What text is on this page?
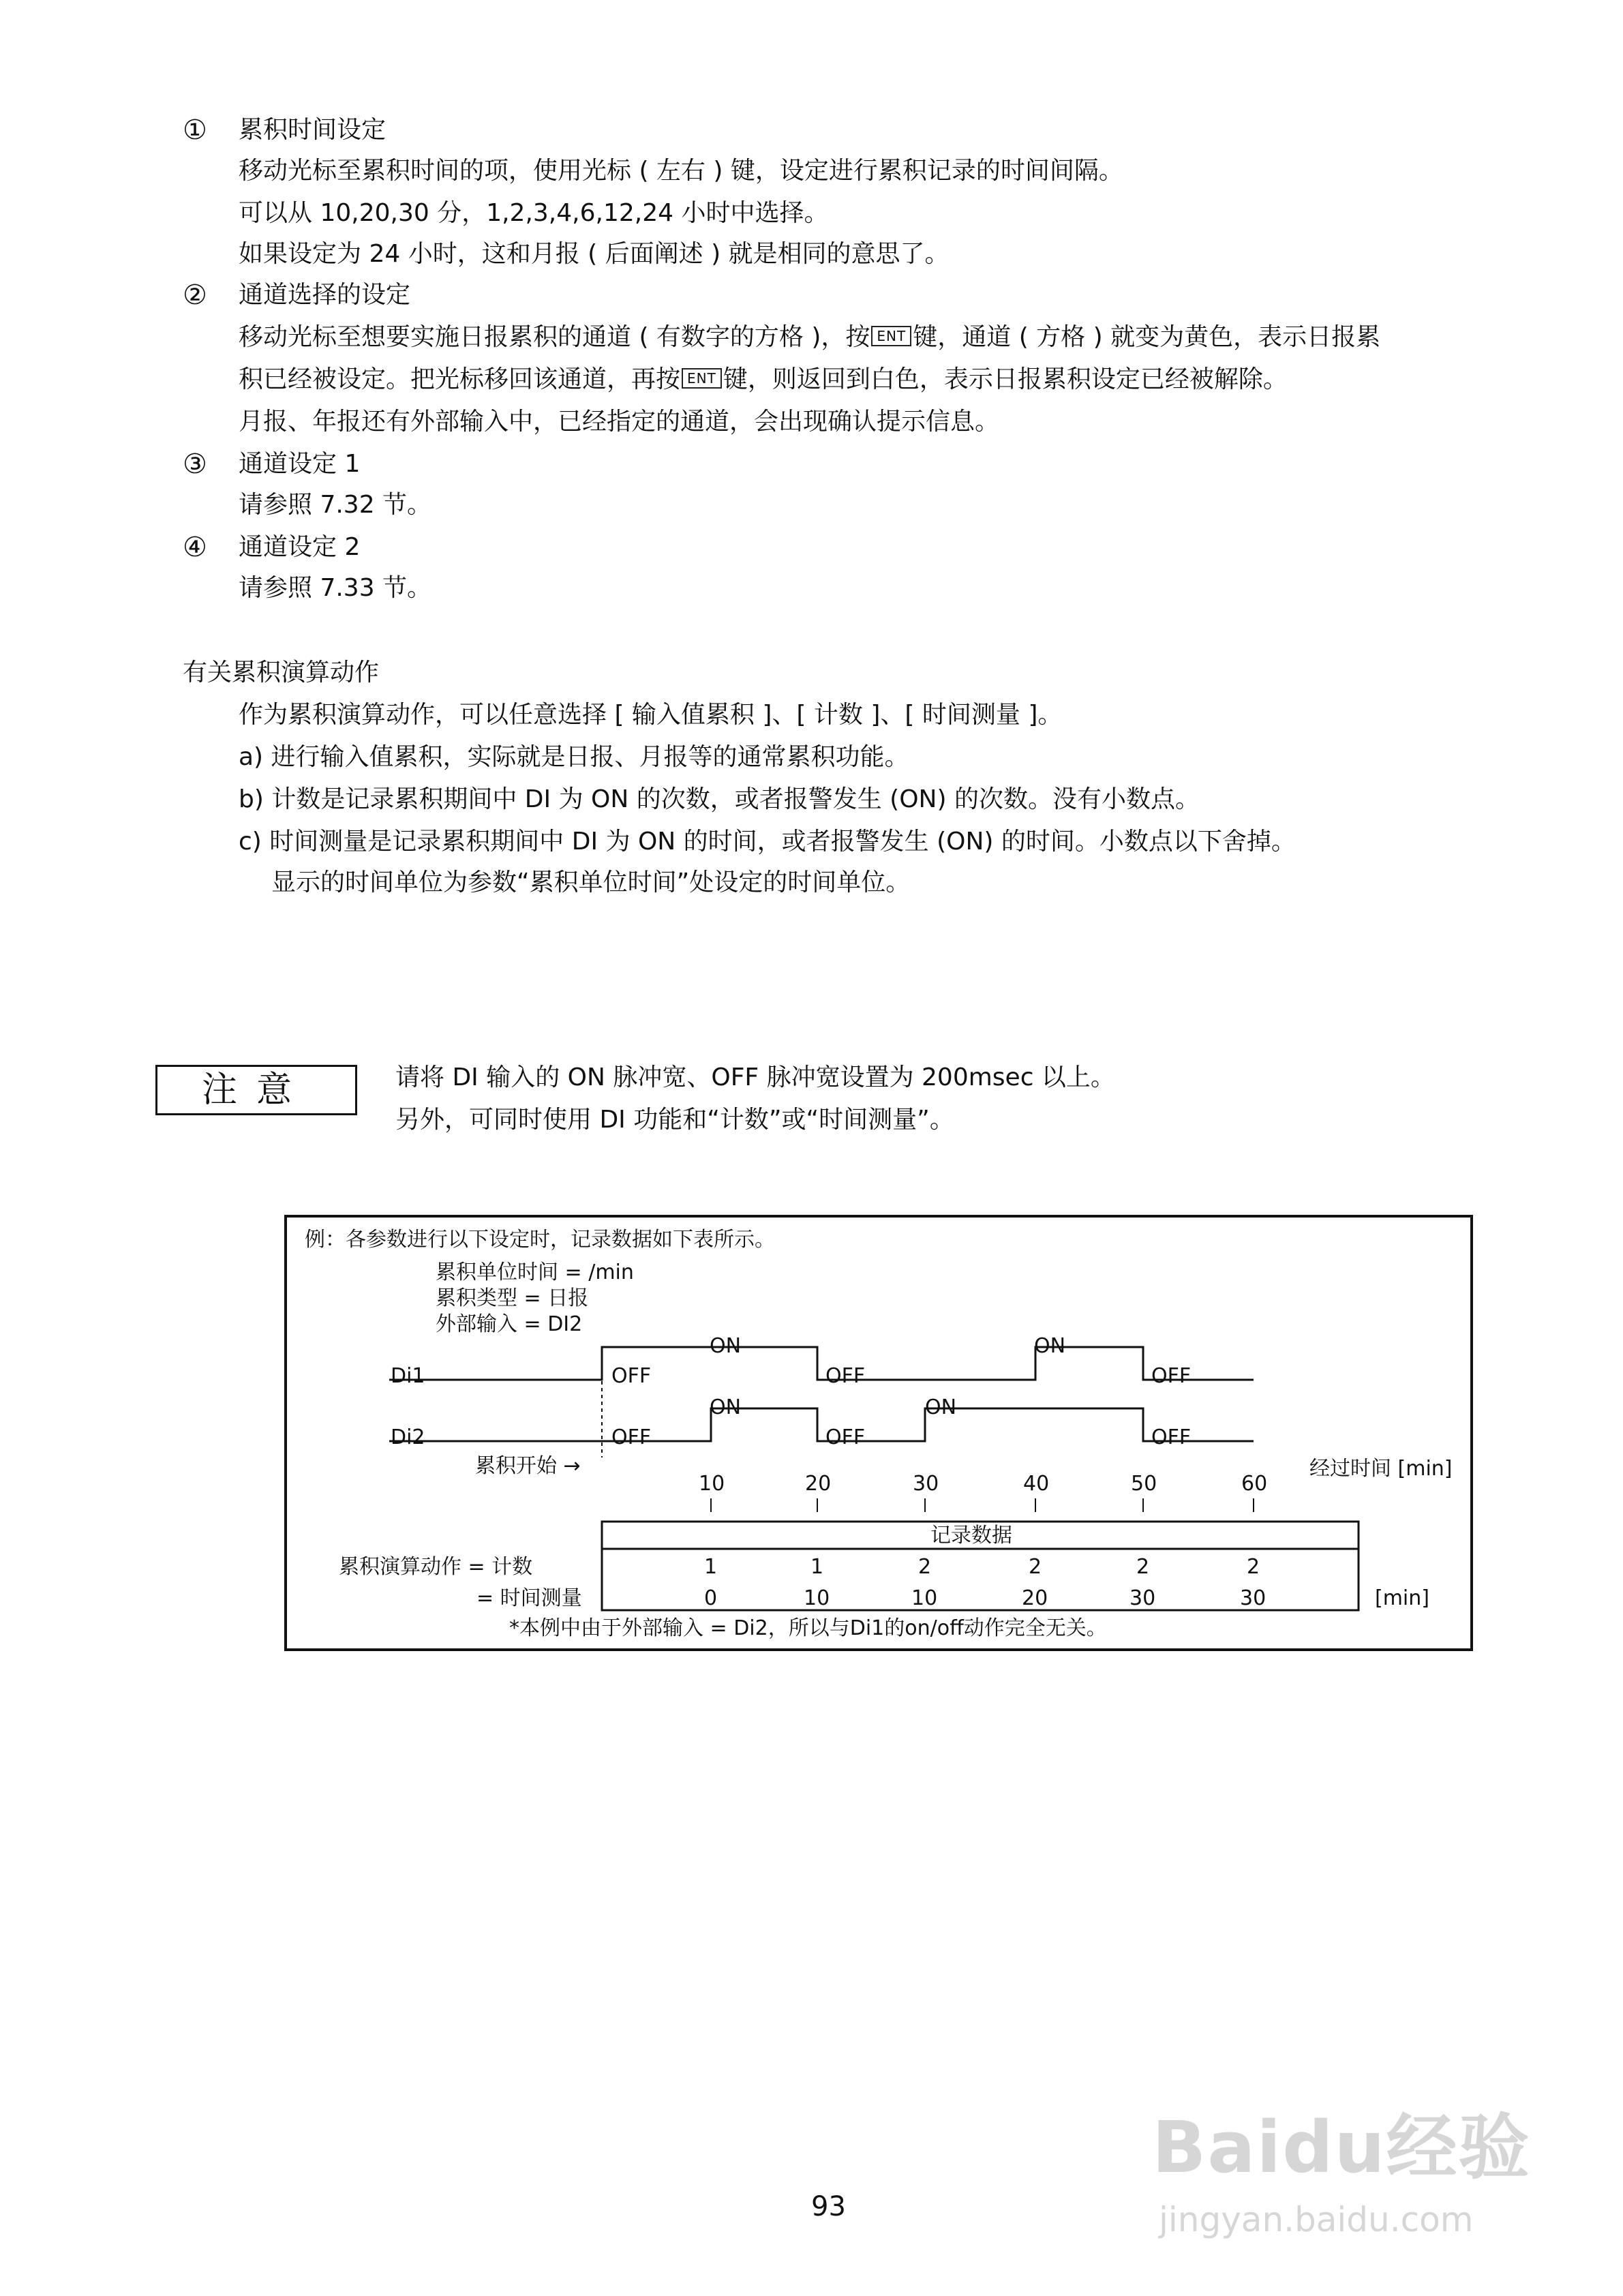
① 累积时间设定
移动光标至累积时间的项，使用光标 ( 左右 ) 键，设定进行累积记录的时间间隔。
可以从 10,20,30 分，1,2,3,4,6,12,24 小时中选择。
如果设定为 24 小时，这和月报 ( 后面阐述 ) 就是相同的意思了。
② 通道选择的设定
移动光标至想要实施日报累积的通道 ( 有数字的方格 )，按 ENT 键，通道 ( 方格 ) 就变为黄色，表示日报累
积已经被设定。把光标移回该通道，再按 ENT 键，则返回到白色，表示日报累积设定已经被解除。
月报、年报还有外部输入中，已经指定的通道，会出现确认提示信息。
③ 通道设定 1
请参照 7.32 节。
④ 通道设定 2
请参照 7.33 节。
有关累积演算动作
作为累积演算动作，可以任意选择 [ 输入值累积 ]、[ 计数 ]、[ 时间测量 ]。
a) 进行输入值累积，实际就是日报、月报等的通常累积功能。
b) 计数是记录累积期间中 DI 为 ON 的次数，或者报警发生 (ON) 的次数。没有小数点。
c) 时间测量是记录累积期间中 DI 为 ON 的时间，或者报警发生 (ON) 的时间。小数点以下舍掉。
显示的时间单位为参数“累积单位时间”处设定的时间单位。
注意	请将 DI 输入的 ON 脉冲宽、OFF 脉冲宽设置为 200msec 以上。
另外，可同时使用 DI 功能和“计数”或“时间测量”。
例：各参数进行以下设定时，记录数据如下表所示。
累积单位时间 = /min
累积类型 = 日报
外部输入 = DI2
Di1	OFF
ON
OFF
ON
OFF
Di2	OFF
ON
OFF
ON
OFF
累积开始 →	经过时间 [min]
10	20	30	40	50	60
记录数据
累积演算动作 = 计数	1	1	2	2	2	2
= 时间测量	0	10	10	20	30	30	[min]
*本例中由于外部输入 = Di2，所以与Di1的on/off动作完全无关。
93
Baidu经验
jingyan.baidu.com
